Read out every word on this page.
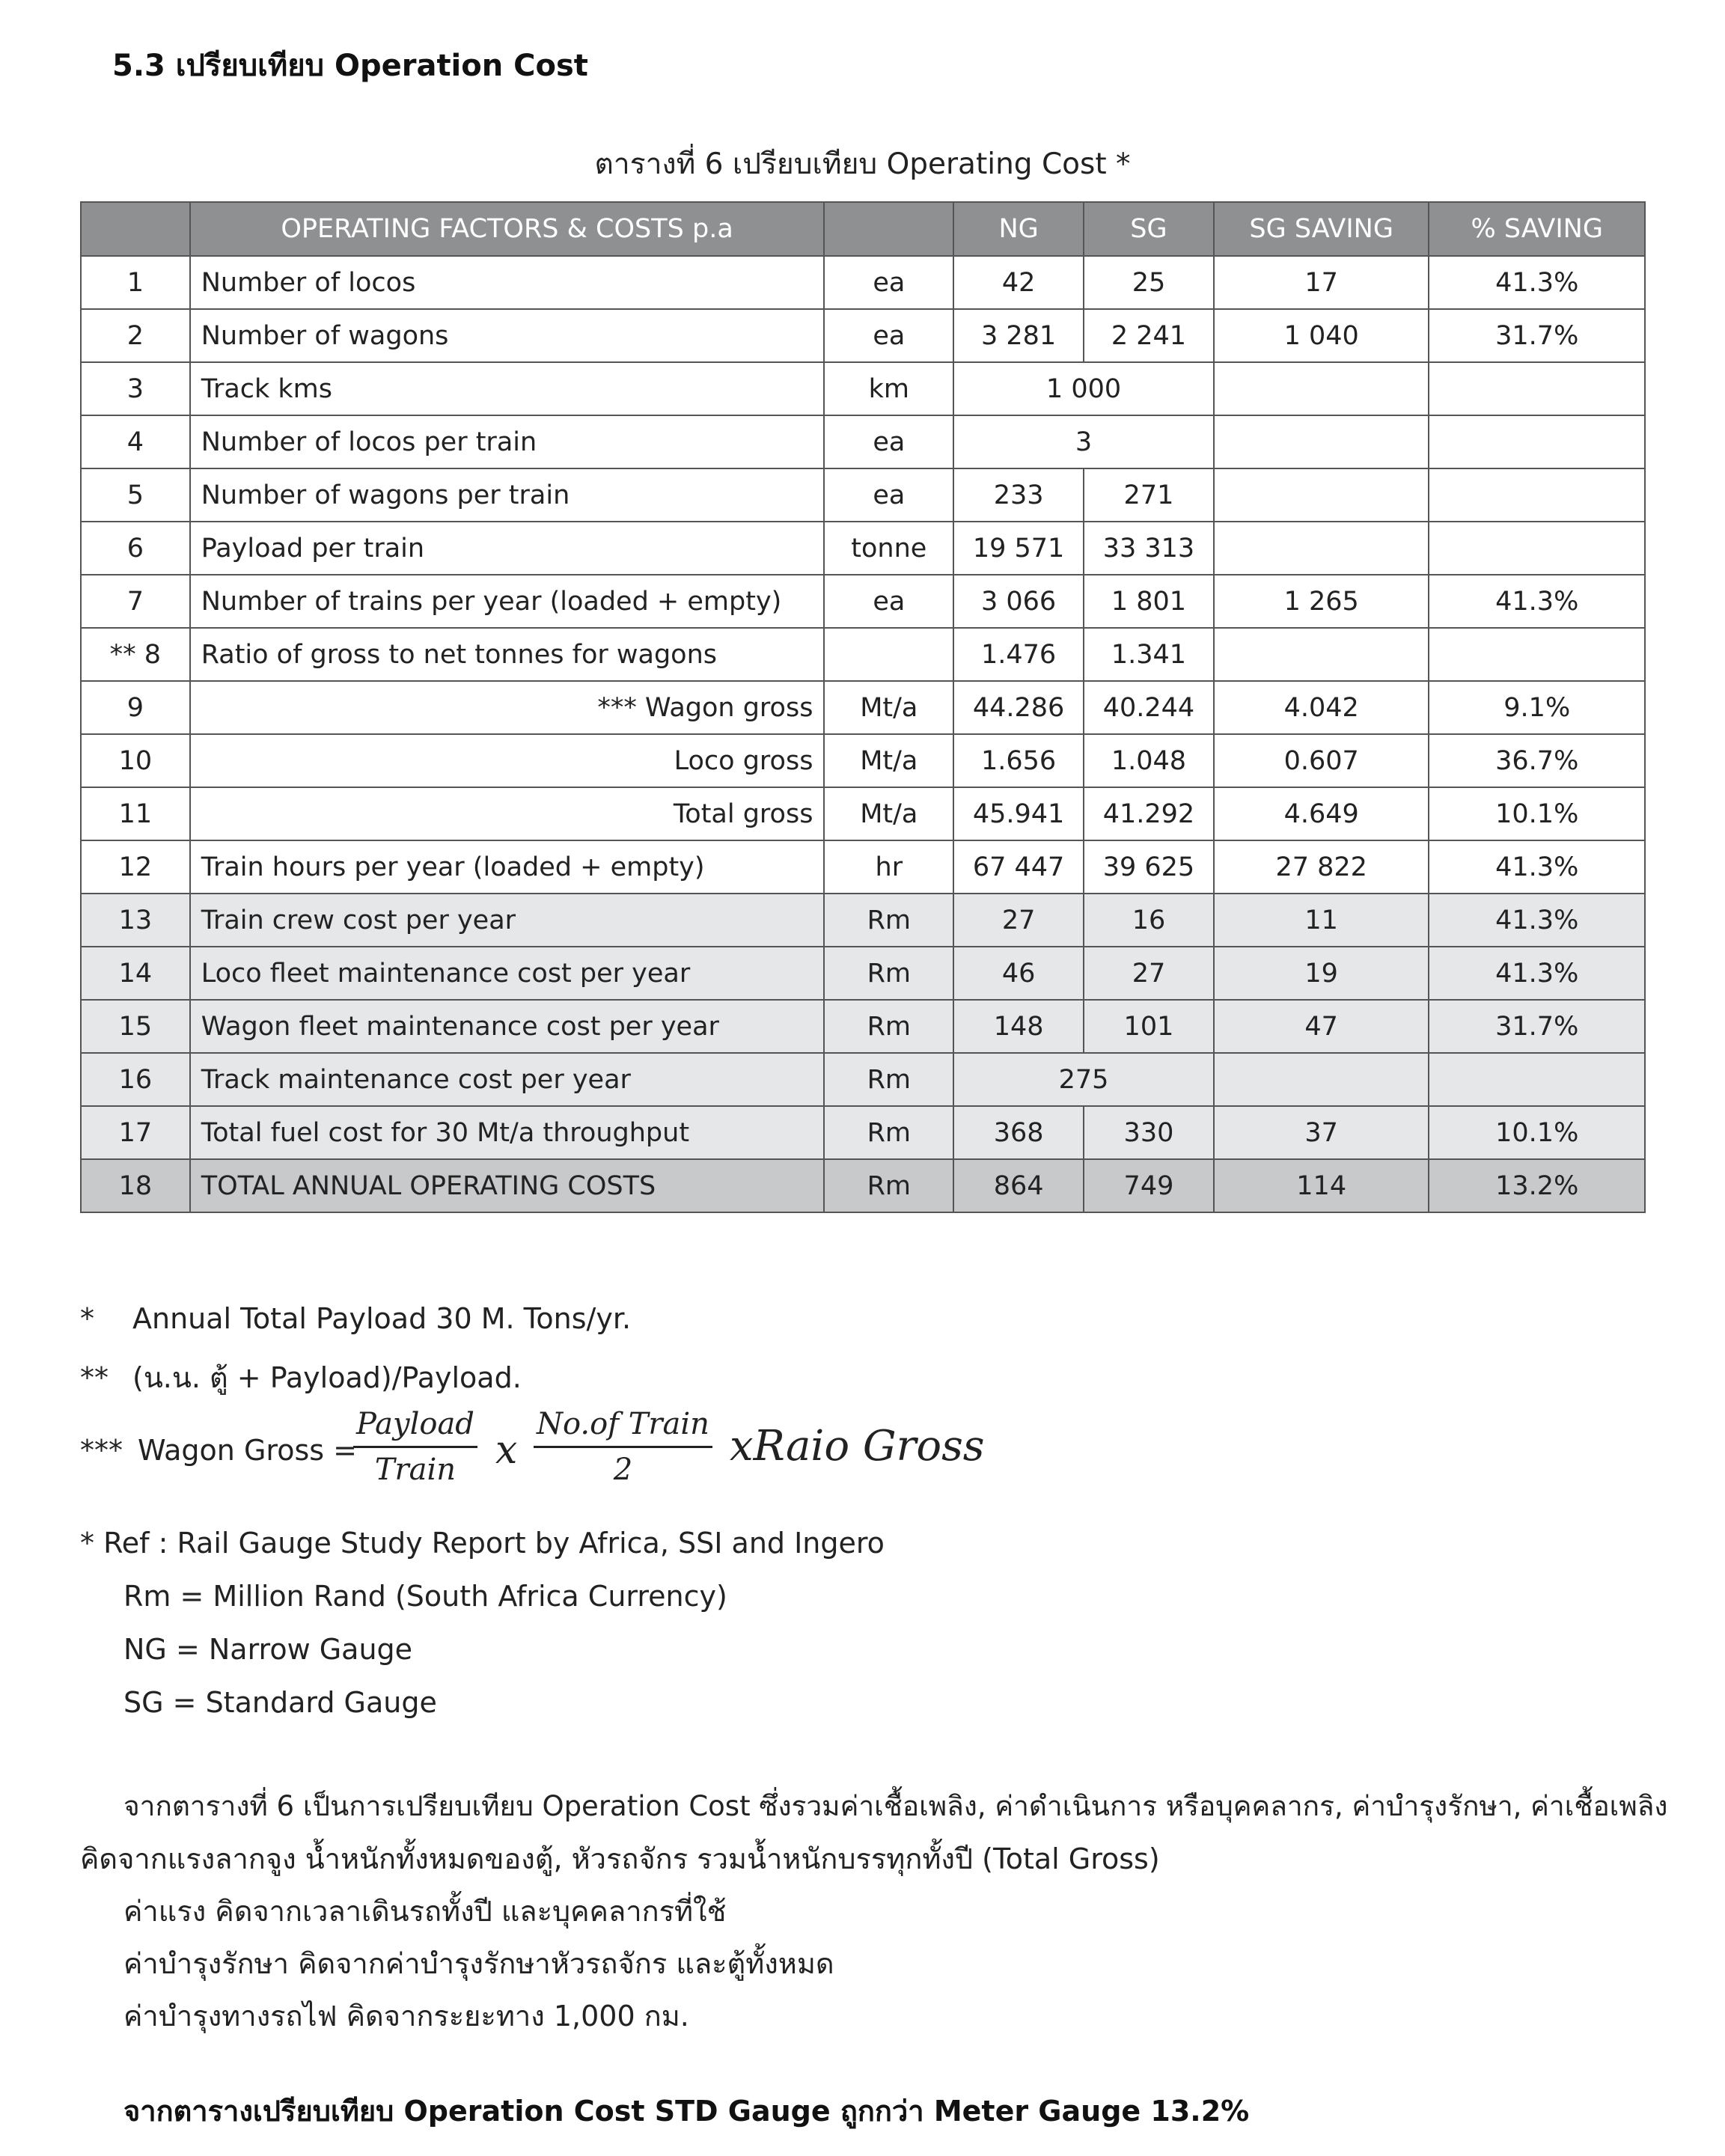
5.3 เปรียบเทียบ Operation Cost
ตารางที่ 6 เปรียบเทียบ Operating Cost *
	OPERATING FACTORS & COSTS p.a		NG	SG	SG SAVING	% SAVING
1	Number of locos	ea	42	25	17	41.3%
2	Number of wagons	ea	3 281	2 241	1 040	31.7%
3	Track kms	km	1 000			
4	Number of locos per train	ea	3			
5	Number of wagons per train	ea	233	271		
6	Payload per train	tonne	19 571	33 313		
7	Number of trains per year (loaded + empty)	ea	3 066	1 801	1 265	41.3%
** 8	Ratio of gross to net tonnes for wagons		1.476	1.341		
9	*** Wagon gross	Mt/a	44.286	40.244	4.042	9.1%
10	Loco gross	Mt/a	1.656	1.048	0.607	36.7%
11	Total gross	Mt/a	45.941	41.292	4.649	10.1%
12	Train hours per year (loaded + empty)	hr	67 447	39 625	27 822	41.3%
13	Train crew cost per year	Rm	27	16	11	41.3%
14	Loco fleet maintenance cost per year	Rm	46	27	19	41.3%
15	Wagon fleet maintenance cost per year	Rm	148	101	47	31.7%
16	Track maintenance cost per year	Rm	275			
17	Total fuel cost for 30 Mt/a throughput	Rm	368	330	37	10.1%
18	TOTAL ANNUAL OPERATING COSTS	Rm	864	749	114	13.2%
* Annual Total Payload 30 M. Tons/yr.
** (น.น. ตู้ + Payload)/Payload.
*** Wagon Gross =
Payload
Train	x
No.of Train
2	xRaio Gross
* Ref : Rail Gauge Study Report by Africa, SSI and Ingero
Rm = Million Rand (South Africa Currency)
NG = Narrow Gauge
SG = Standard Gauge
จากตารางที่ 6 เป็นการเปรียบเทียบ Operation Cost ซึ่งรวมค่าเชื้อเพลิง, ค่าดำเนินการ หรือบุคคลากร, ค่าบำรุงรักษา, ค่าเชื้อเพลิง
คิดจากแรงลากจูง น้ำหนักทั้งหมดของตู้, หัวรถจักร รวมน้ำหนักบรรทุกทั้งปี (Total Gross)
ค่าแรง คิดจากเวลาเดินรถทั้งปี และบุคคลากรที่ใช้
ค่าบำรุงรักษา คิดจากค่าบำรุงรักษาหัวรถจักร และตู้ทั้งหมด
ค่าบำรุงทางรถไฟ คิดจากระยะทาง 1,000 กม.
จากตารางเปรียบเทียบ Operation Cost STD Gauge ถูกกว่า Meter Gauge 13.2%
